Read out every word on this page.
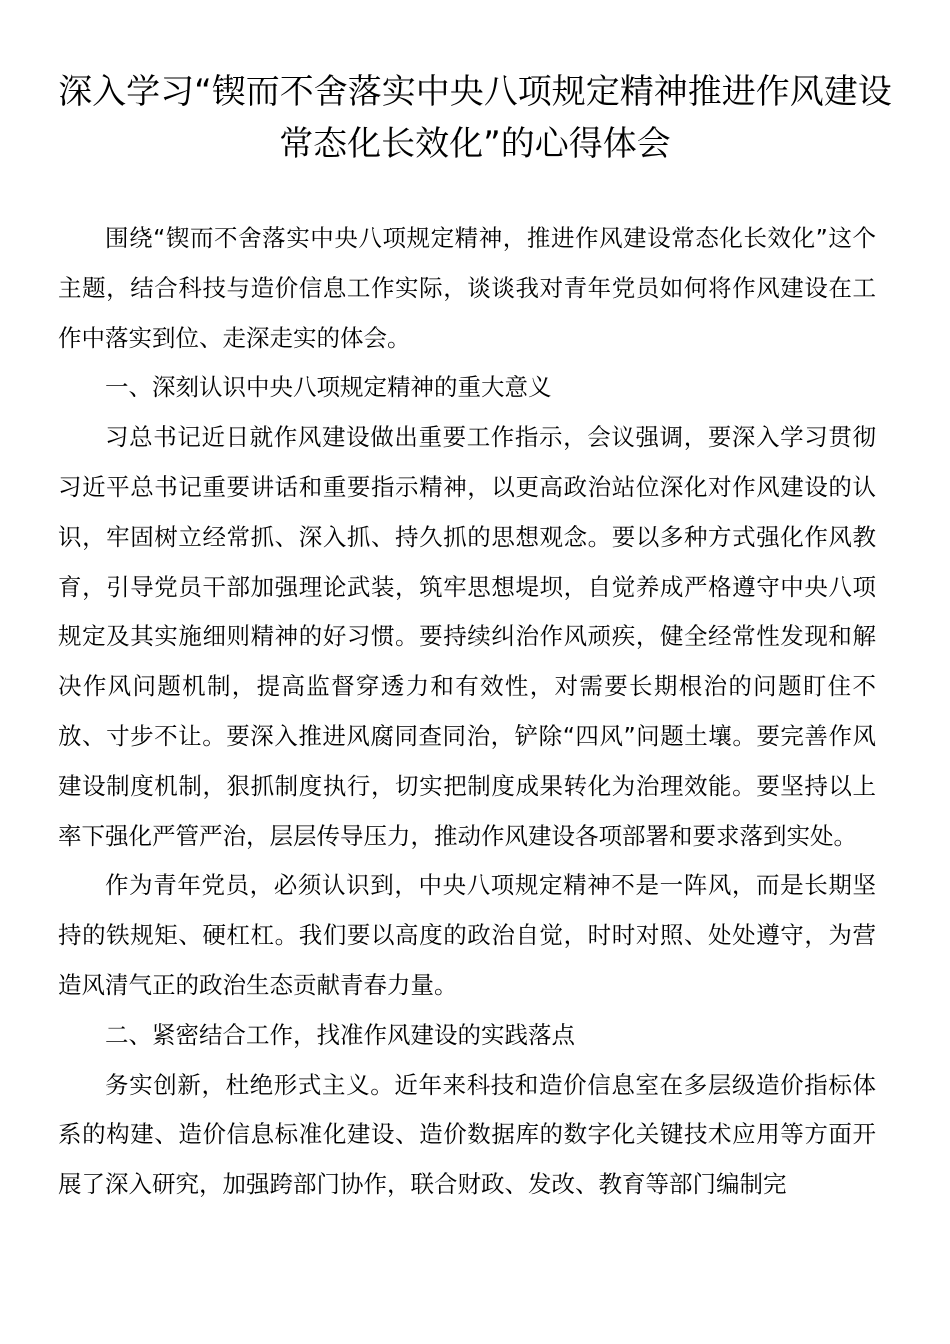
深入学习“锲而不舍落实中央八项规定精神推进作风建设常态化长效化”的心得体会

围绕“锲而不舍落实中央八项规定精神，推进作风建设常态化长效化”这个主题，结合科技与造价信息工作实际，谈谈我对青年党员如何将作风建设在工作中落实到位、走深走实的体会。

一、深刻认识中央八项规定精神的重大意义

习总书记近日就作风建设做出重要工作指示，会议强调，要深入学习贯彻习近平总书记重要讲话和重要指示精神，以更高政治站位深化对作风建设的认识，牢固树立经常抓、深入抓、持久抓的思想观念。要以多种方式强化作风教育，引导党员干部加强理论武装，筑牢思想堤坝，自觉养成严格遵守中央八项规定及其实施细则精神的好习惯。要持续纠治作风顽疾，健全经常性发现和解决作风问题机制，提高监督穿透力和有效性，对需要长期根治的问题盯住不放、寸步不让。要深入推进风腐同查同治，铲除“四风”问题土壤。要完善作风建设制度机制，狠抓制度执行，切实把制度成果转化为治理效能。要坚持以上率下强化严管严治，层层传导压力，推动作风建设各项部署和要求落到实处。

作为青年党员，必须认识到，中央八项规定精神不是一阵风，而是长期坚持的铁规矩、硬杠杠。我们要以高度的政治自觉，时时对照、处处遵守，为营造风清气正的政治生态贡献青春力量。

二、紧密结合工作，找准作风建设的实践落点

务实创新，杜绝形式主义。近年来科技和造价信息室在多层级造价指标体系的构建、造价信息标准化建设、造价数据库的数字化关键技术应用等方面开展了深入研究，加强跨部门协作，联合财政、发改、教育等部门编制完
